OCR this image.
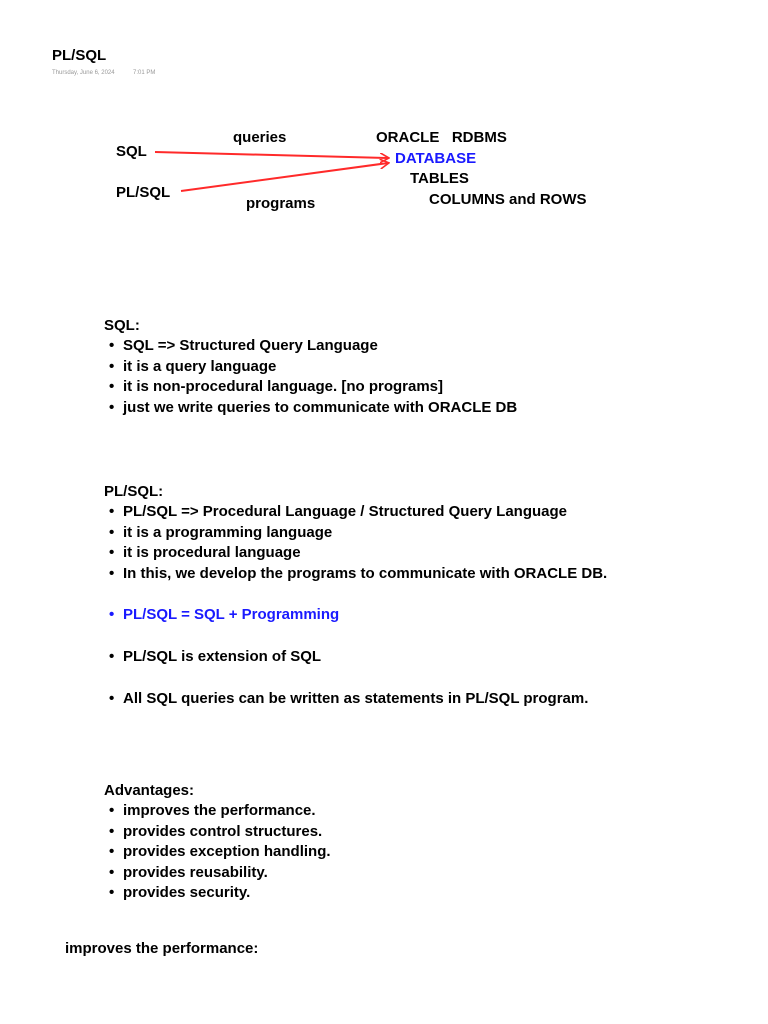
PL/SQL
Thursday, June 6, 2024	7:01 PM
queries	ORACLE   RDBMS
SQL	DATABASE
TABLES
PL/SQL	COLUMNS and ROWS
programs
SQL:
• SQL => Structured Query Language
• it is a query language
• it is non-procedural language. [no programs]
• just we write queries to communicate with ORACLE DB
PL/SQL:
• PL/SQL => Procedural Language / Structured Query Language
• it is a programming language
• it is procedural language
• In this, we develop the programs to communicate with ORACLE DB.
• PL/SQL = SQL + Programming
• PL/SQL is extension of SQL
• All SQL queries can be written as statements in PL/SQL program.
Advantages:
• improves the performance.
• provides control structures.
• provides exception handling.
• provides reusability.
• provides security.
improves the performance:
